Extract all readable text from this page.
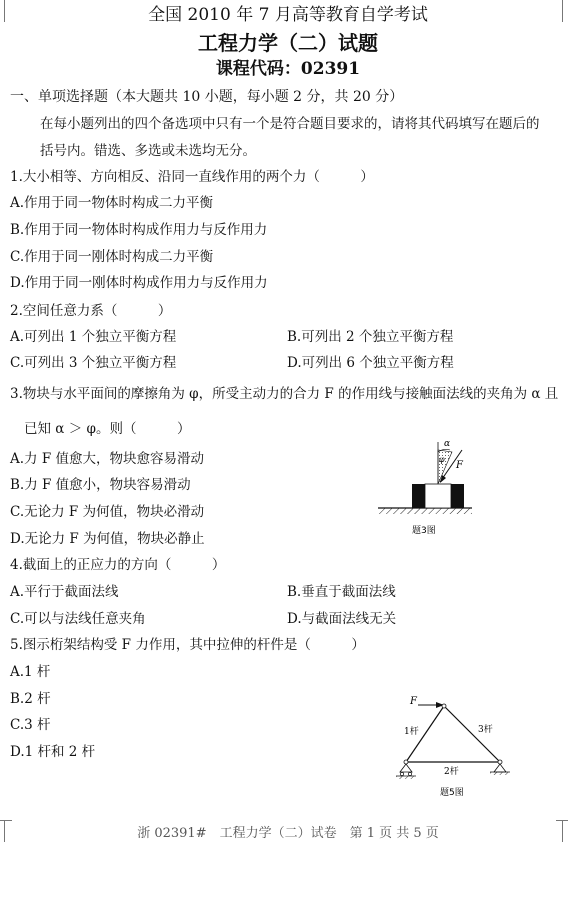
全国 2010 年 7 月高等教育自学考试
工程力学（二）试题
课程代码：02391
一、单项选择题（本大题共 10 小题，每小题 2 分，共 20 分）
在每小题列出的四个备选项中只有一个是符合题目要求的，请将其代码填写在题后的
括号内。错选、多选或未选均无分。
1.大小相等、方向相反、沿同一直线作用的两个力（　　　）
A.作用于同一物体时构成二力平衡
B.作用于同一物体时构成作用力与反作用力
C.作用于同一刚体时构成二力平衡
D.作用于同一刚体时构成作用力与反作用力
2.空间任意力系（　　　）
A.可列出 1 个独立平衡方程	B.可列出 2 个独立平衡方程
C.可列出 3 个独立平衡方程	D.可列出 6 个独立平衡方程
3.物块与水平面间的摩擦角为 φ，所受主动力的合力 F 的作用线与接触面法线的夹角为 α 且
已知 α ＞ φ。则（　　　）
A.力 F 值愈大，物块愈容易滑动
B.力 F 值愈小，物块容易滑动
C.无论力 F 为何值，物块必滑动
D.无论力 F 为何值，物块必静止
α
φ
F
题3图
4.截面上的正应力的方向（　　　）
A.平行于截面法线	B.垂直于截面法线
C.可以与法线任意夹角	D.与截面法线无关
5.图示桁架结构受 F 力作用，其中拉伸的杆件是（　　　）
A.1 杆
B.2 杆
C.3 杆
D.1 杆和 2 杆
F
1杆	3杆
2杆
题5图
浙 02391#　工程力学（二）试卷　第 1 页 共 5 页
